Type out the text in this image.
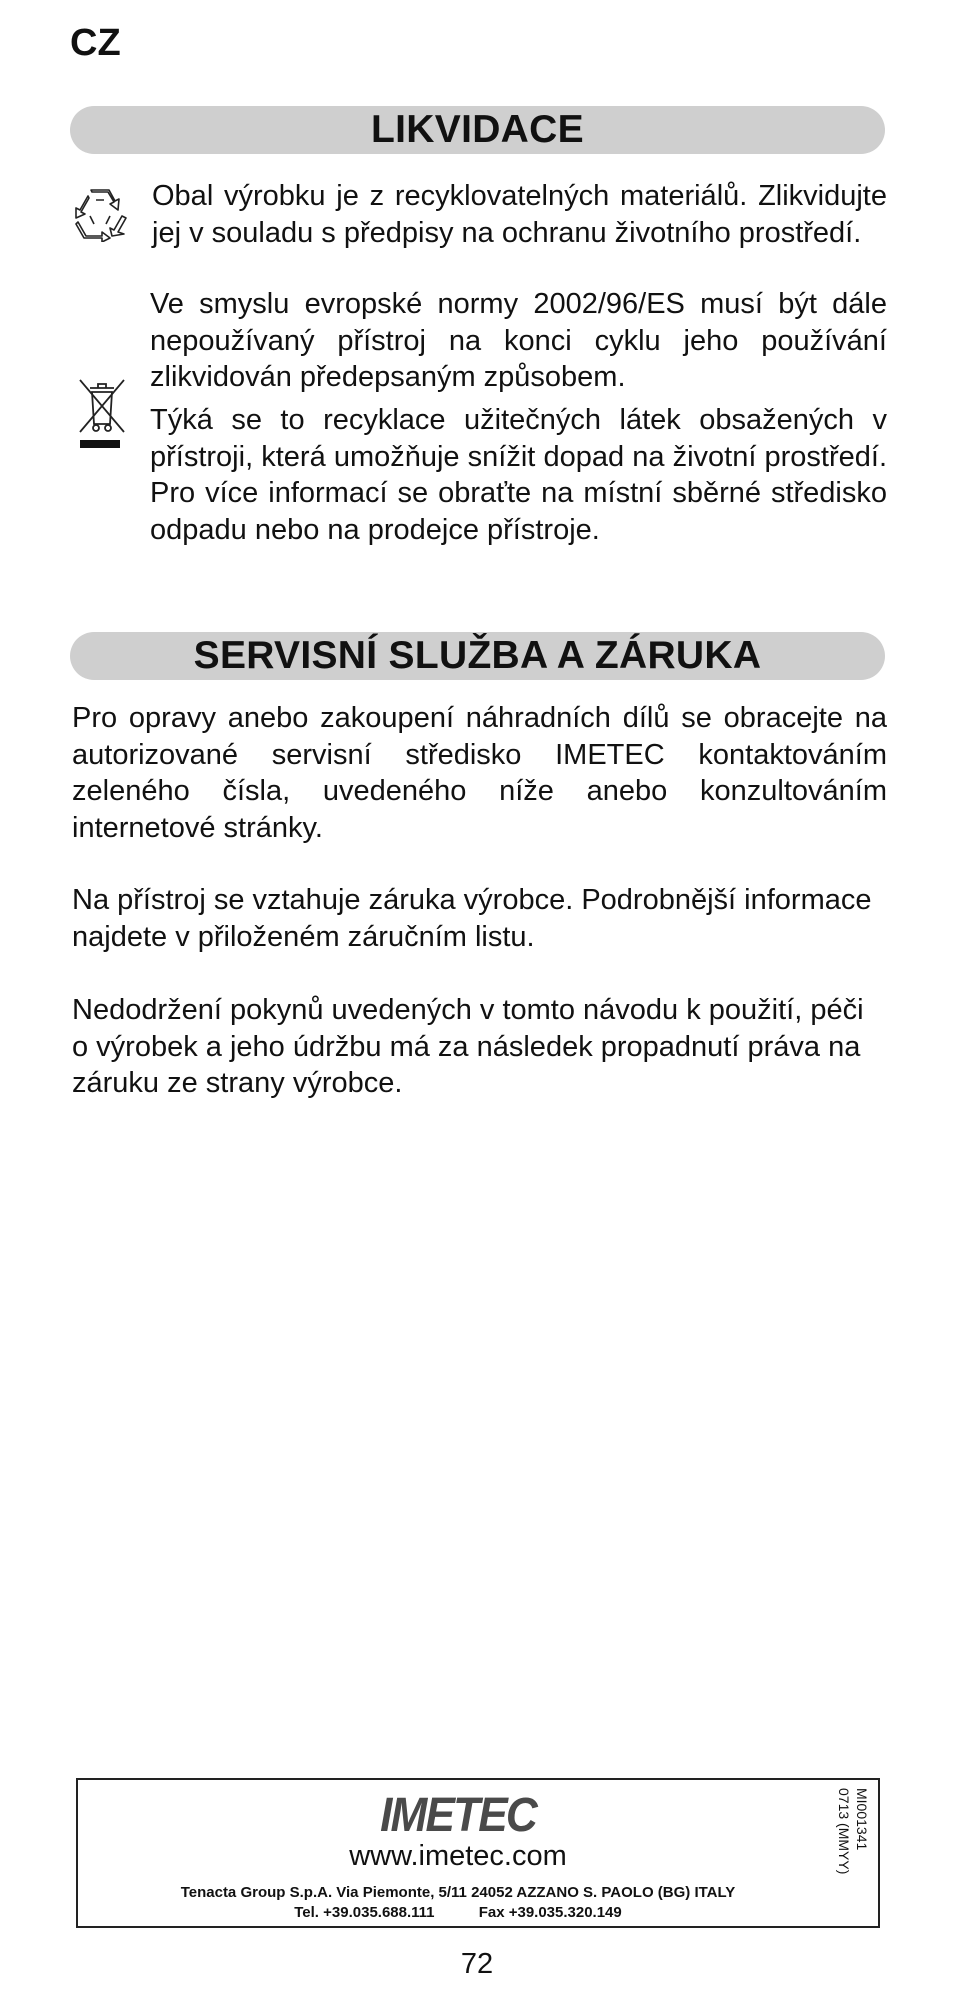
CZ
LIKVIDACE

Obal výrobku je z recyklovatelných materiálů. Zlikvidujte jej v souladu s předpisy na ochranu životního prostředí.

Ve smyslu evropské normy 2002/96/ES musí být dále nepoužívaný přístroj na konci cyklu jeho používání zlikvidován předepsaným způsobem.

Týká se to recyklace užitečných látek obsažených v přístroji, která umožňuje snížit dopad na životní prostředí. Pro více informací se obraťte na místní sběrné středisko odpadu nebo na prodejce přístroje.

SERVISNÍ SLUŽBA A ZÁRUKA

Pro opravy anebo zakoupení náhradních dílů se obracejte na autorizované servisní středisko IMETEC kontaktováním zeleného čísla, uvedeného níže anebo konzultováním internetové stránky.

Na přístroj se vztahuje záruka výrobce. Podrobnější informace najdete v přiloženém záručním listu.

Nedodržení pokynů uvedených v tomto návodu k použití, péči o výrobek a jeho údržbu má za následek propadnutí práva na záruku ze strany výrobce.

IMETEC
www.imetec.com
Tenacta Group S.p.A. Via Piemonte, 5/11 24052 AZZANO S. PAOLO (BG) ITALY
Tel. +39.035.688.111	Fax +39.035.320.149
MI001341
0713 (MMYY)
72
